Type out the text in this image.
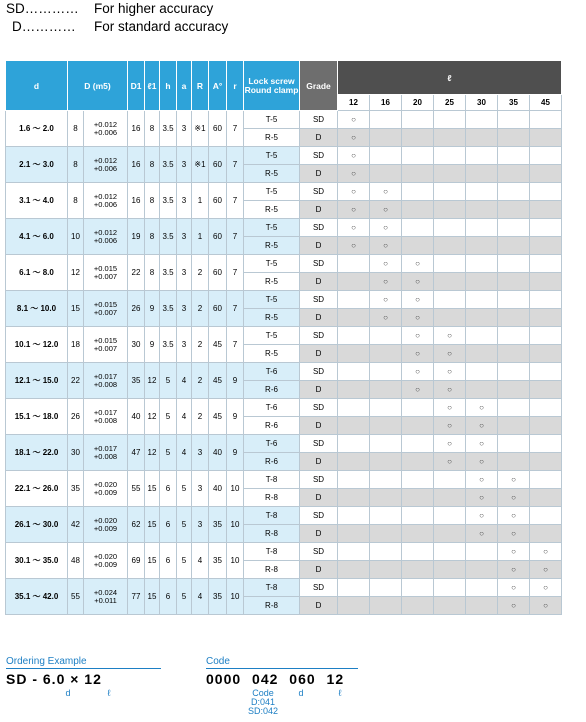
SD…………	For higher accuracy
D…………	For standard accuracy
d	D (m5)		D1	ℓ1	h	a	R	A°	r	Lock screw
Round clamp	Grade	ℓ						
												12	16	20	25	30	35	45
1.6 ～ 2.0	8	+0.012
+0.006	16	8	3.5	3	※1	60	7	T-5	SD	○						
										R-5	D	○						
2.1 ～ 3.0	8	+0.012
+0.006	16	8	3.5	3	※1	60	7	T-5	SD	○						
										R-5	D	○						
3.1 ～ 4.0	8	+0.012
+0.006	16	8	3.5	3	1	60	7	T-5	SD	○	○					
										R-5	D	○	○					
4.1 ～ 6.0	10	+0.012
+0.006	19	8	3.5	3	1	60	7	T-5	SD	○	○					
										R-5	D	○	○					
6.1 ～ 8.0	12	+0.015
+0.007	22	8	3.5	3	2	60	7	T-5	SD		○	○				
										R-5	D		○	○				
8.1 ～ 10.0	15	+0.015
+0.007	26	9	3.5	3	2	60	7	T-5	SD		○	○				
										R-5	D		○	○				
10.1 ～ 12.0	18	+0.015
+0.007	30	9	3.5	3	2	45	7	T-5	SD			○	○			
										R-5	D			○	○			
12.1 ～ 15.0	22	+0.017
+0.008	35	12	5	4	2	45	9	T-6	SD			○	○			
										R-6	D			○	○			
15.1 ～ 18.0	26	+0.017
+0.008	40	12	5	4	2	45	9	T-6	SD				○	○		
										R-6	D				○	○		
18.1 ～ 22.0	30	+0.017
+0.008	47	12	5	4	3	40	9	T-6	SD				○	○		
										R-6	D				○	○		
22.1 ～ 26.0	35	+0.020
+0.009	55	15	6	5	3	40	10	T-8	SD					○	○	
										R-8	D					○	○	
26.1 ～ 30.0	42	+0.020
+0.009	62	15	6	5	3	35	10	T-8	SD					○	○	
										R-8	D					○	○	
30.1 ～ 35.0	48	+0.020
+0.009	69	15	6	5	4	35	10	T-8	SD						○	○
										R-8	D						○	○
35.1 ～ 42.0	55	+0.024
+0.011	77	15	6	5	4	35	10	T-8	SD						○	○
										R-8	D						○	○
Ordering Example
SD - 6.0 × 12
d	ℓ
Code
0000 042 060 12
Code
D:041
SD:042
d	ℓ
